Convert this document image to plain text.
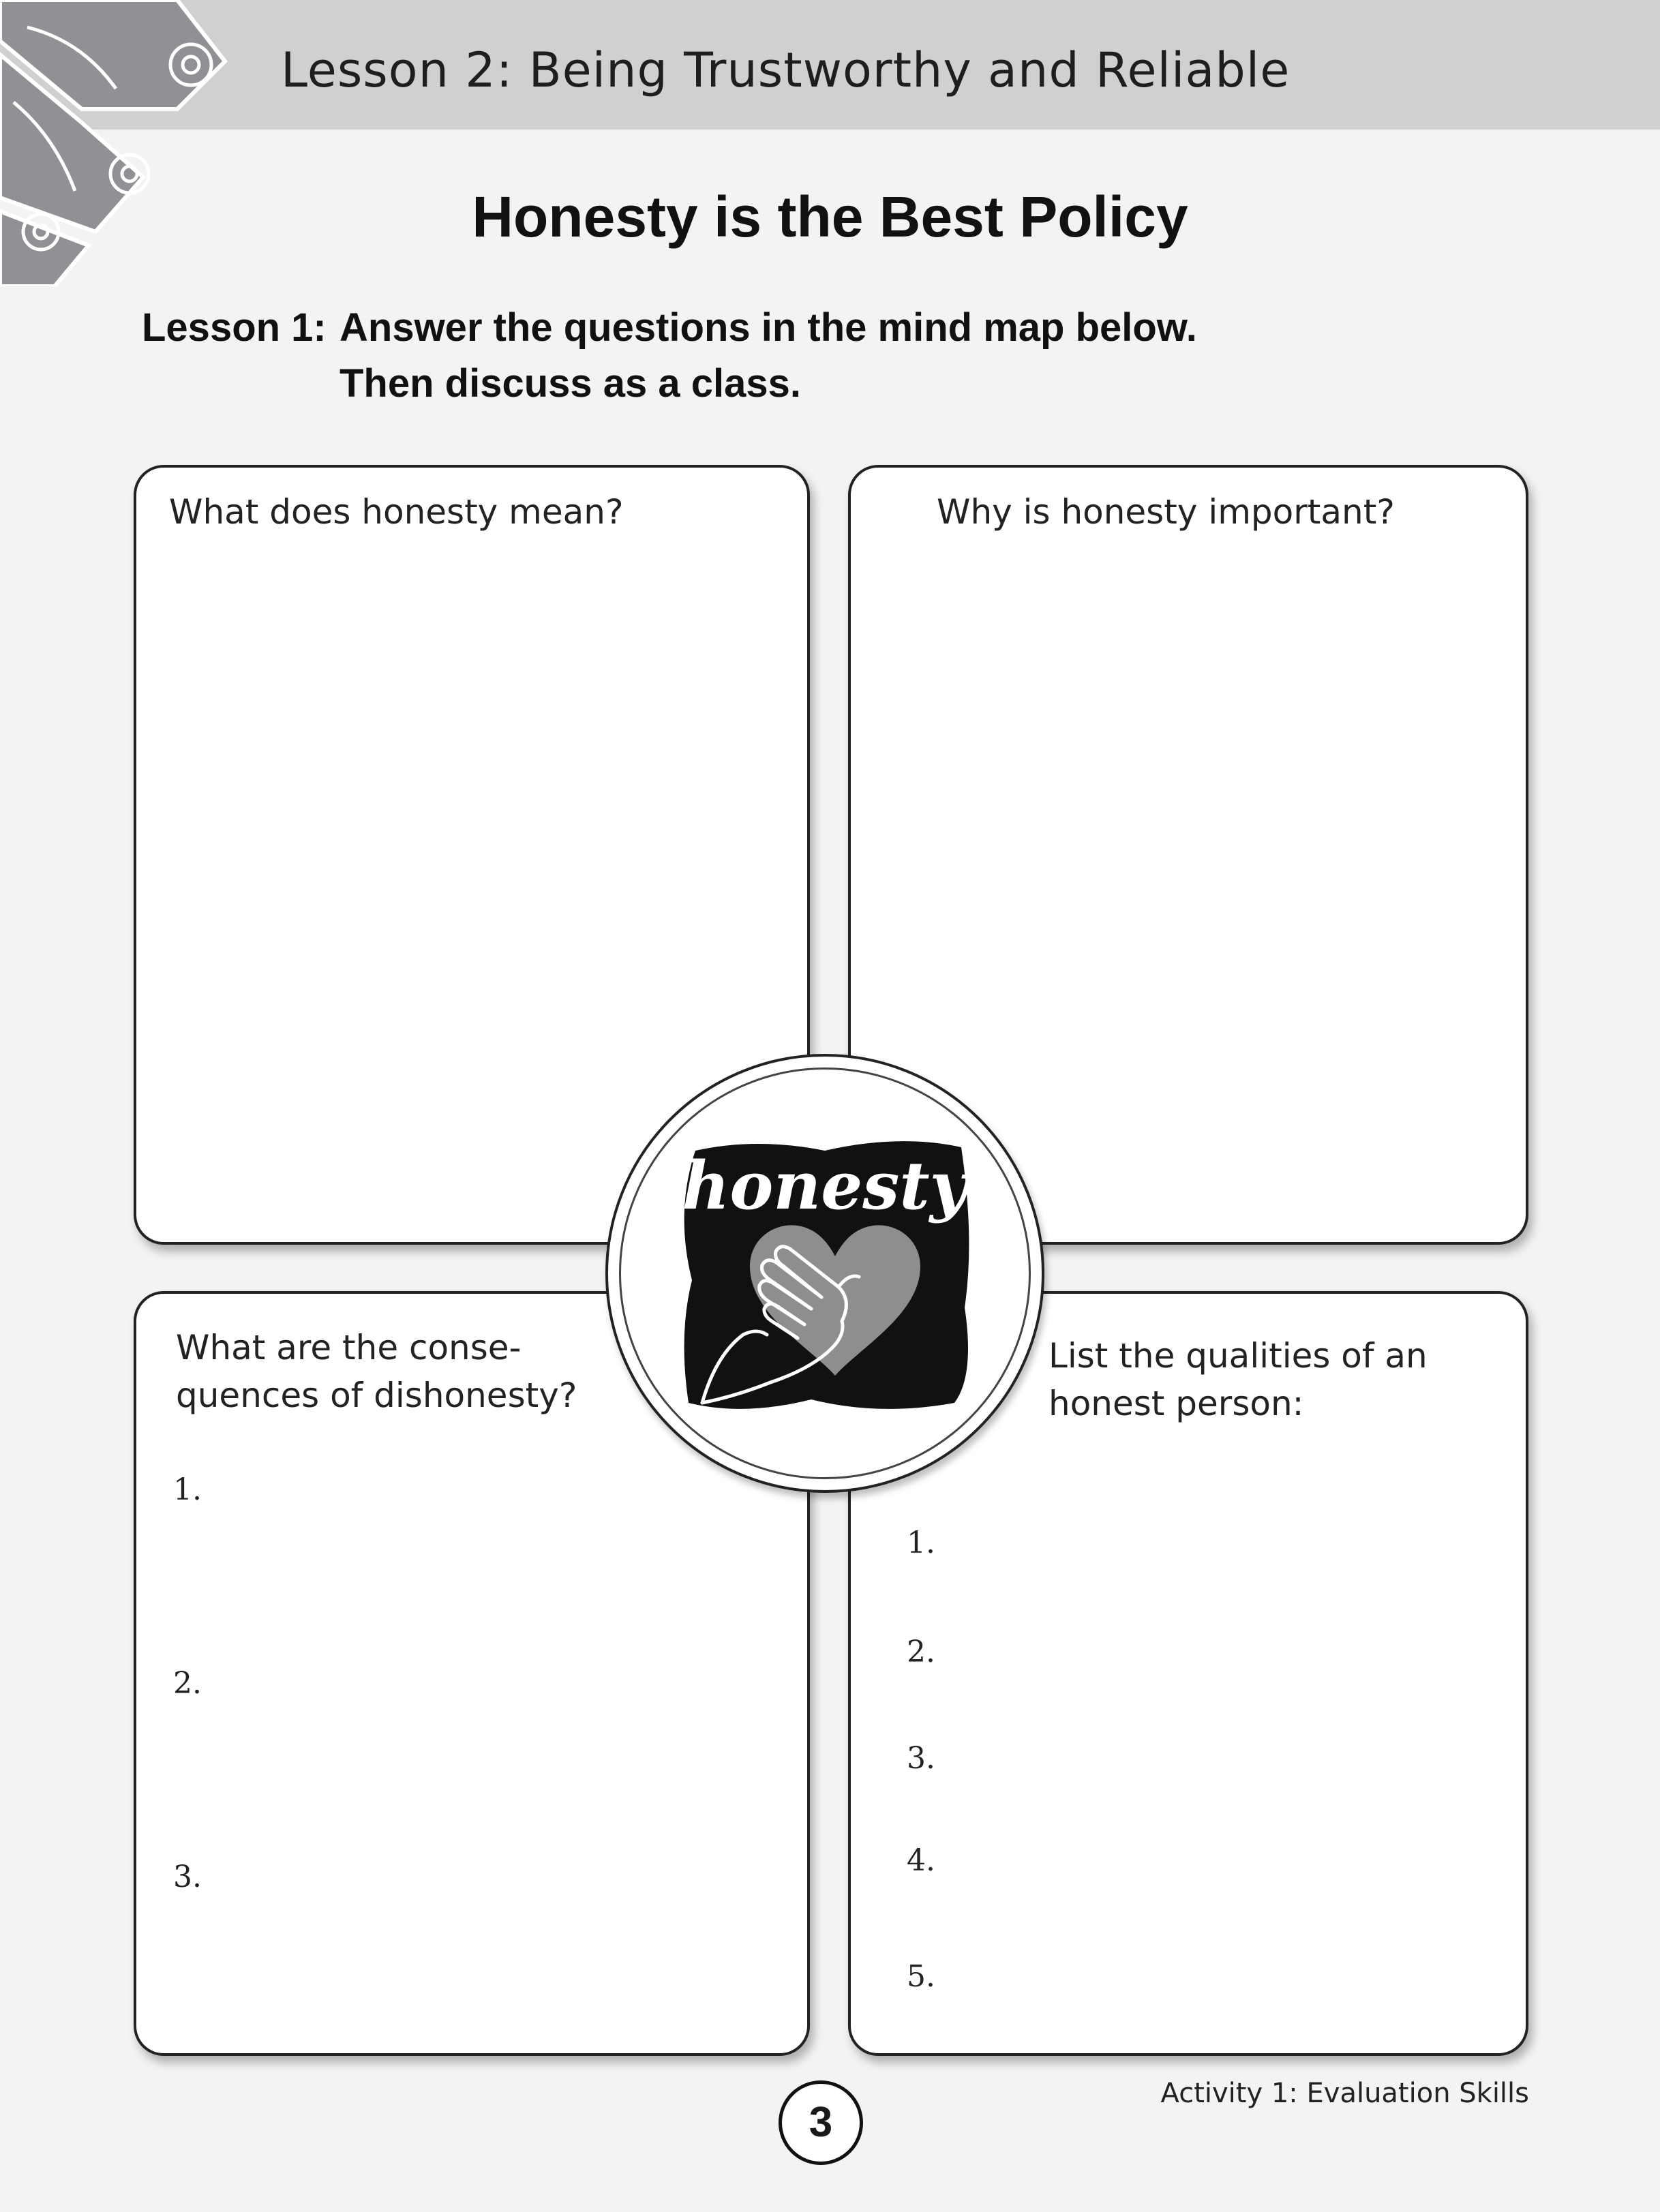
Lesson 2: Being Trustworthy and Reliable
Honesty is the Best Policy
Lesson 1: Answer the questions in the mind map below.
Then discuss as a class.
What does honesty mean?	Why is honesty important?
What are the conse-
quences of dishonesty?
1.
2.
3.
List the qualities of an
honest person:
1.
2.
3.
4.
5.
honesty
3
Activity 1: Evaluation Skills
